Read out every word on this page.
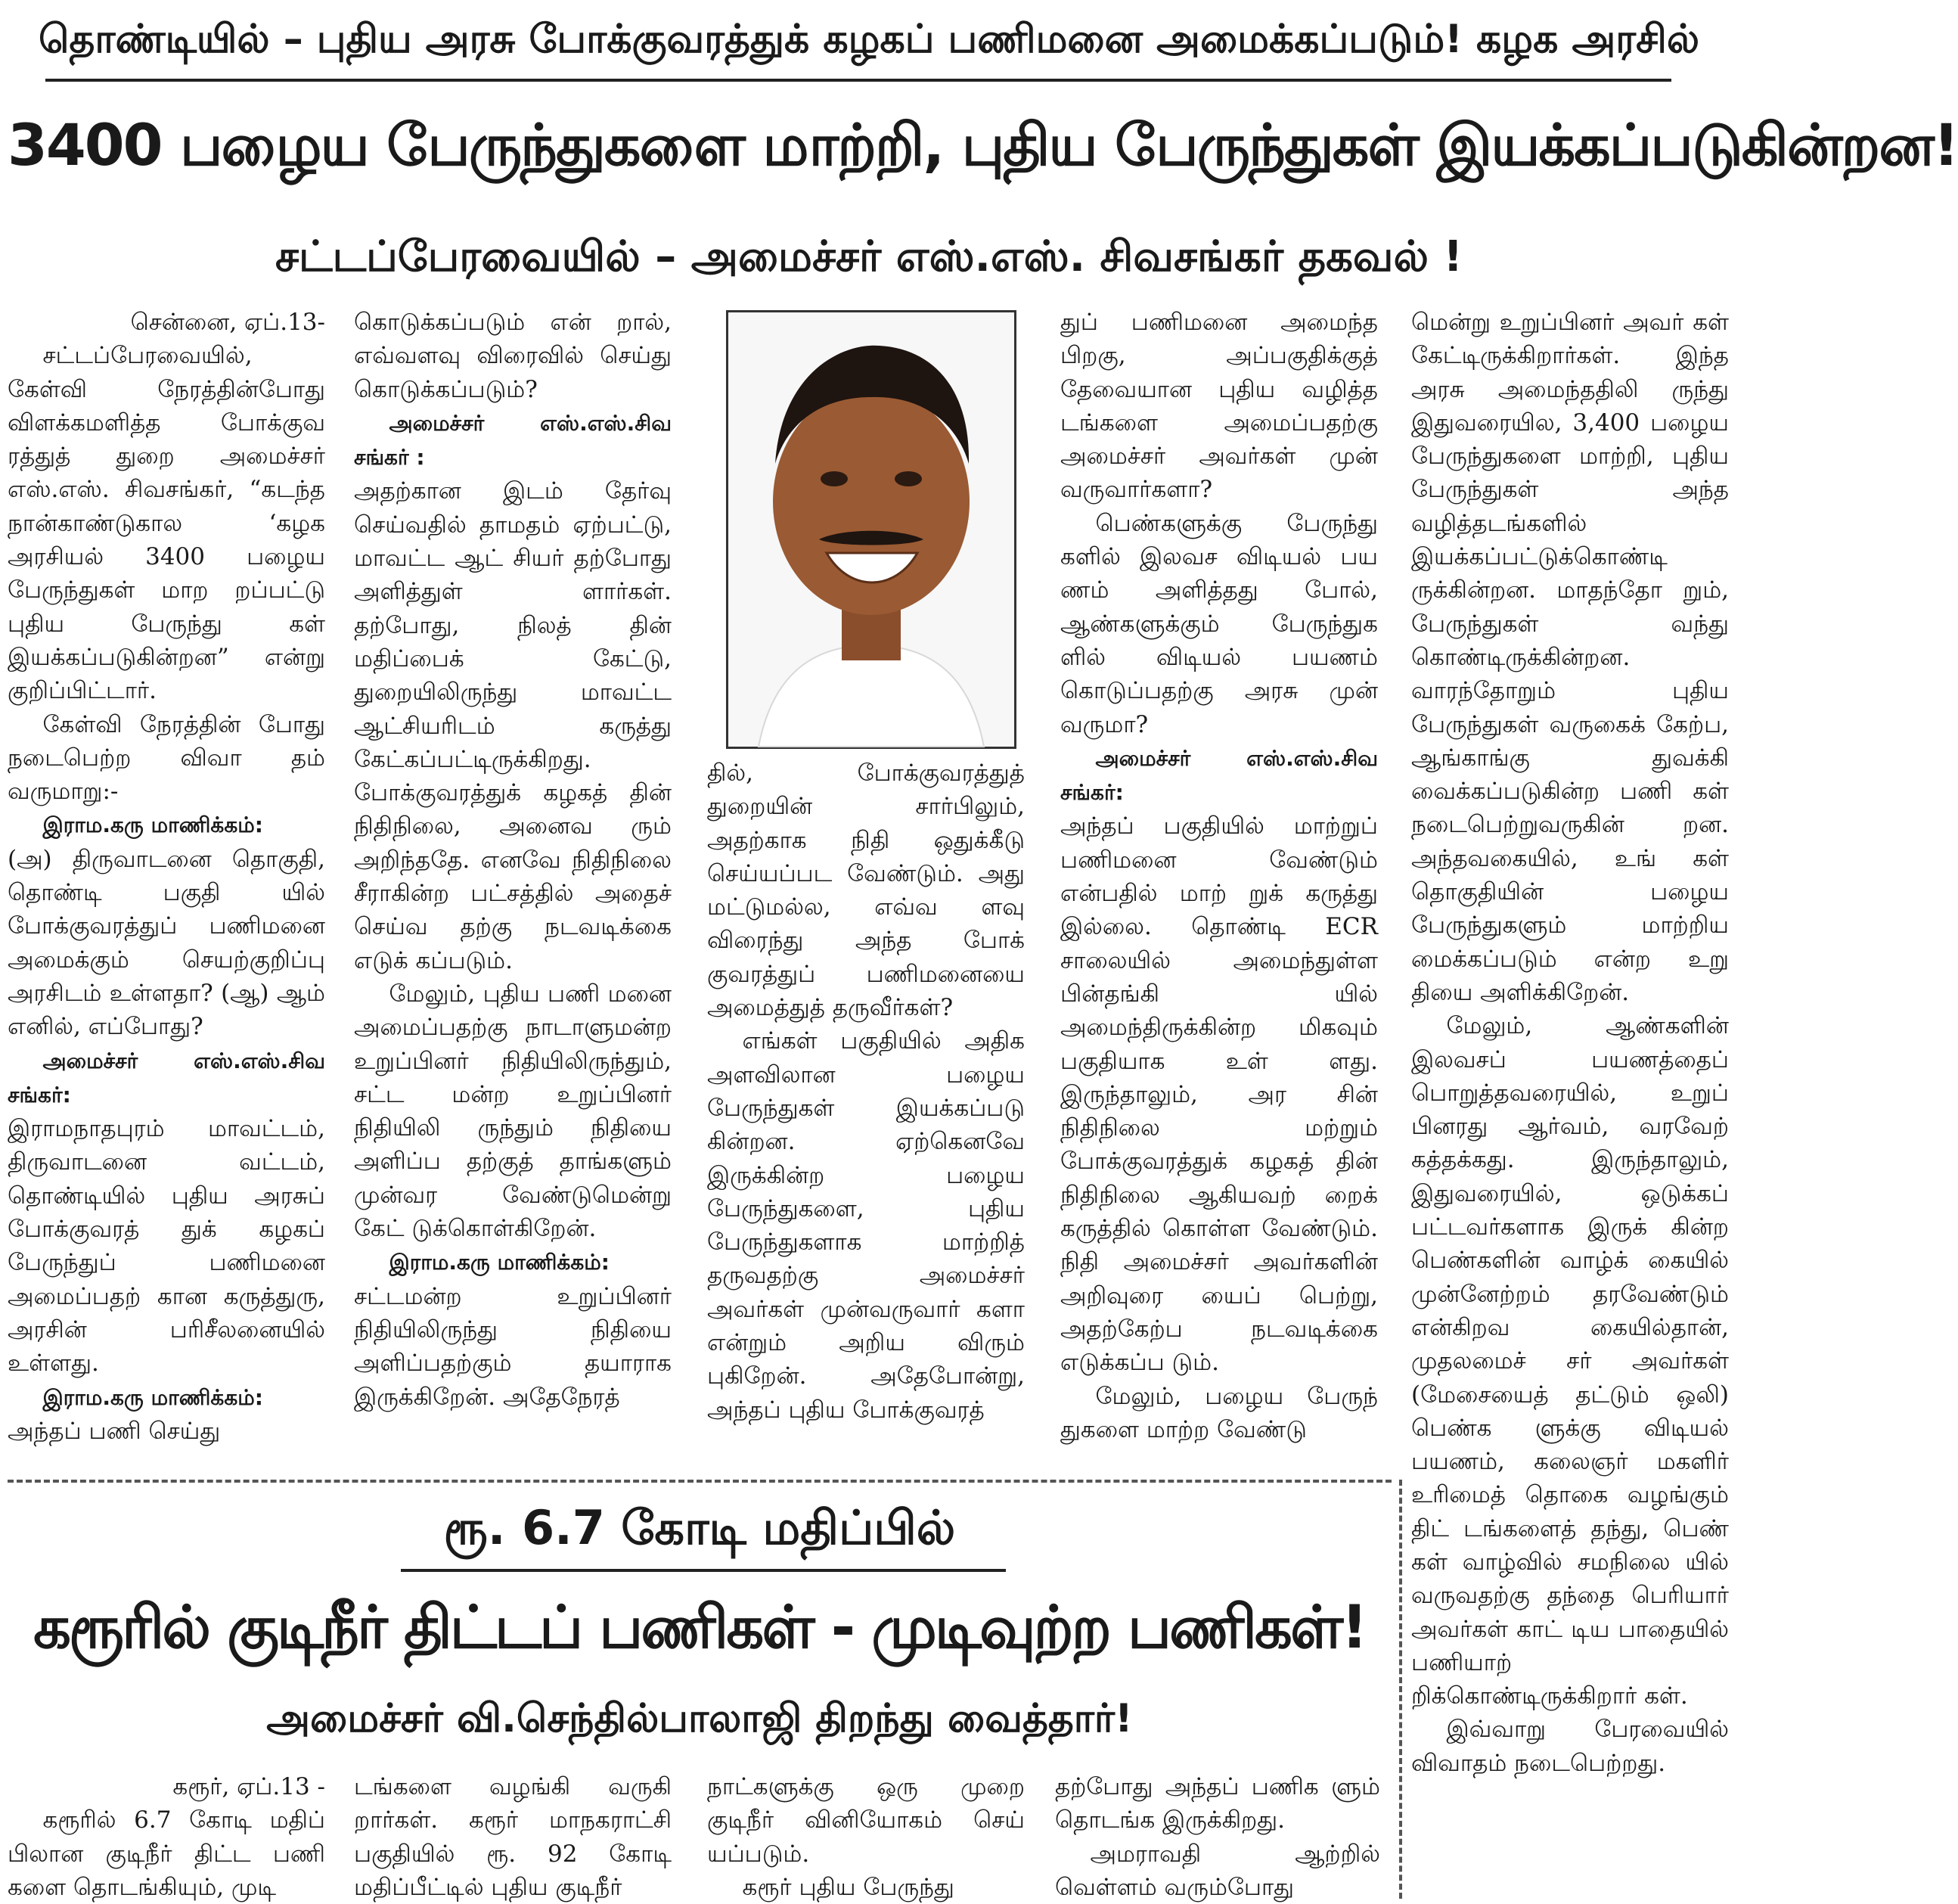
தொண்டியில் – புதிய அரசு போக்குவரத்துக் கழகப் பணிமனை அமைக்கப்படும்! கழக அரசில்
3400 பழைய பேருந்துகளை மாற்றி, புதிய பேருந்துகள் இயக்கப்படுகின்றன!
சட்டப்பேரவையில் – அமைச்சர் எஸ்.எஸ். சிவசங்கர் தகவல் !

சென்னை, ஏப்.13-

சட்டப்பேரவையில், கேள்வி நேரத்தின்போது விளக்கமளித்த போக்குவ ரத்துத் துறை அமைச்சர் எஸ்.எஸ். சிவசங்கர், “கடந்த நான்காண்டுகால ‘கழக அரசியல் 3400 பழைய பேருந்துகள் மாற றப்பட்டு புதிய பேருந்து கள் இயக்கப்படுகின்றன” என்று குறிப்பிட்டார்.

கேள்வி நேரத்தின் போது நடைபெற்ற விவா தம் வருமாறு:-

இராம.கரு மாணிக்கம்:

(அ) திருவாடனை தொகுதி, தொண்டி பகுதி யில் போக்குவரத்துப் பணிமனை அமைக்கும் செயற்குறிப்பு அரசிடம் உள்ளதா? (ஆ) ஆம் எனில், எப்போது?

அமைச்சர் எஸ்.எஸ்.சிவ சங்கர்:

இராமநாதபுரம் மாவட்டம், திருவாடனை வட்டம், தொண்டியில் புதிய அரசுப் போக்குவரத் துக் கழகப் பேருந்துப் பணிமனை அமைப்பதற் கான கருத்துரு, அரசின் பரிசீலனையில் உள்ளது.

இராம.கரு மாணிக்கம்:

அந்தப் பணி செய்து

கொடுக்கப்படும் என் றால், எவ்வளவு விரைவில் செய்து கொடுக்கப்படும்?

அமைச்சர் எஸ்.எஸ்.சிவ சங்கர் :

அதற்கான இடம் தேர்வு செய்வதில் தாமதம் ஏற்பட்டு, மாவட்ட ஆட் சியர் தற்போது அளித்துள் ளார்கள். தற்போது, நிலத் தின் மதிப்பைக் கேட்டு, துறையிலிருந்து மாவட்ட ஆட்சியரிடம் கருத்து கேட்கப்பட்டிருக்கிறது. போக்குவரத்துக் கழகத் தின் நிதிநிலை, அனைவ ரும் அறிந்ததே. எனவே நிதிநிலை சீராகின்ற பட்சத்தில் அதைச் செய்வ தற்கு நடவடிக்கை எடுக் கப்படும்.

மேலும், புதிய பணி மனை அமைப்பதற்கு நாடாளுமன்ற உறுப்பினர் நிதியிலிருந்தும், சட்ட மன்ற உறுப்பினர் நிதியிலி ருந்தும் நிதியை அளிப்ப தற்குத் தாங்களும் முன்வர வேண்டுமென்று கேட் டுக்கொள்கிறேன்.

இராம.கரு மாணிக்கம்:

சட்டமன்ற உறுப்பினர் நிதியிலிருந்து நிதியை அளிப்பதற்கும் தயாராக இருக்கிறேன். அதேநேரத்

தில், போக்குவரத்துத் துறையின் சார்பிலும், அதற்காக நிதி ஒதுக்கீடு செய்யப்பட வேண்டும். அது மட்டுமல்ல, எவ்வ ளவு விரைந்து அந்த போக் குவரத்துப் பணிமனையை அமைத்துத் தருவீர்கள்?

எங்கள் பகுதியில் அதிக அளவிலான பழைய பேருந்துகள் இயக்கப்படு கின்றன. ஏற்கெனவே இருக்கின்ற பழைய பேருந்துகளை, புதிய பேருந்துகளாக மாற்றித் தருவதற்கு அமைச்சர் அவர்கள் முன்வருவார் களா என்றும் அறிய விரும் புகிறேன். அதேபோன்று, அந்தப் புதிய போக்குவரத்

துப் பணிமனை அமைந்த பிறகு, அப்பகுதிக்குத் தேவையான புதிய வழித்த டங்களை அமைப்பதற்கு அமைச்சர் அவர்கள் முன் வருவார்களா?

பெண்களுக்கு பேருந்து களில் இலவச விடியல் பய ணம் அளித்தது போல், ஆண்களுக்கும் பேருந்துக ளில் விடியல் பயணம் கொடுப்பதற்கு அரசு முன் வருமா?

அமைச்சர் எஸ்.எஸ்.சிவ சங்கர்:

அந்தப் பகுதியில் மாற்றுப் பணிமனை வேண்டும் என்பதில் மாற் றுக் கருத்து இல்லை. தொண்டி ECR சாலையில் அமைந்துள்ள பின்தங்கி யில் அமைந்திருக்கின்ற மிகவும் பகுதியாக உள் ளது. இருந்தாலும், அர சின் நிதிநிலை மற்றும் போக்குவரத்துக் கழகத் தின் நிதிநிலை ஆகியவற் றைக் கருத்தில் கொள்ள வேண்டும். நிதி அமைச்சர் அவர்களின் அறிவுரை யைப் பெற்று, அதற்கேற்ப நடவடிக்கை எடுக்கப்ப டும்.

மேலும், பழைய பேருந் துகளை மாற்ற வேண்டு

மென்று உறுப்பினர் அவர் கள் கேட்டிருக்கிறார்கள். இந்த அரசு அமைந்ததிலி ருந்து இதுவரையில, 3,400 பழைய பேருந்துகளை மாற்றி, புதிய பேருந்துகள் அந்த வழித்தடங்களில் இயக்கப்பட்டுக்கொண்டி ருக்கின்றன. மாதந்தோ றும், பேருந்துகள் வந்து கொண்டிருக்கின்றன. வாரந்தோறும் புதிய பேருந்துகள் வருகைக் கேற்ப, ஆங்காங்கு துவக்கி வைக்கப்படுகின்ற பணி கள் நடைபெற்றுவருகின் றன. அந்தவகையில், உங் கள் தொகுதியின் பழைய பேருந்துகளும் மாற்றிய மைக்கப்படும் என்ற உறு தியை அளிக்கிறேன்.

மேலும், ஆண்களின் இலவசப் பயணத்தைப் பொறுத்தவரையில், உறுப் பினரது ஆர்வம், வரவேற் கத்தக்கது. இருந்தாலும், இதுவரையில், ஒடுக்கப் பட்டவர்களாக இருக் கின்ற பெண்களின் வாழ்க் கையில் முன்னேற்றம் தரவேண்டும் என்கிறவ கையில்தான், முதலமைச் சர் அவர்கள் (மேசையைத் தட்டும் ஒலி) பெண்க ளுக்கு விடியல் பயணம், கலைஞர் மகளிர் உரிமைத் தொகை வழங்கும் திட் டங்களைத் தந்து, பெண் கள் வாழ்வில் சமநிலை யில் வருவதற்கு தந்தை பெரியார் அவர்கள் காட் டிய பாதையில் பணியாற் றிக்கொண்டிருக்கிறார் கள்.

இவ்வாறு பேரவையில் விவாதம் நடைபெற்றது.

ரூ. 6.7 கோடி மதிப்பில்
கரூரில் குடிநீர் திட்டப் பணிகள் - முடிவுற்ற பணிகள்!
அமைச்சர் வி.செந்தில்பாலாஜி திறந்து வைத்தார்!

கரூர், ஏப்.13 -

கரூரில் 6.7 கோடி மதிப் பிலான குடிநீர் திட்ட பணி களை தொடங்கியும், முடி

டங்களை வழங்கி வருகி றார்கள். கரூர் மாநகராட்சி பகுதியில் ரூ. 92 கோடி மதிப்பீட்டில் புதிய குடிநீர்

நாட்களுக்கு ஒரு முறை குடிநீர் வினியோகம் செய் யப்படும்.

கரூர் புதிய பேருந்து

தற்போது அந்தப் பணிக ளும் தொடங்க இருக்கிறது.

அமராவதி ஆற்றில் வெள்ளம் வரும்போது
